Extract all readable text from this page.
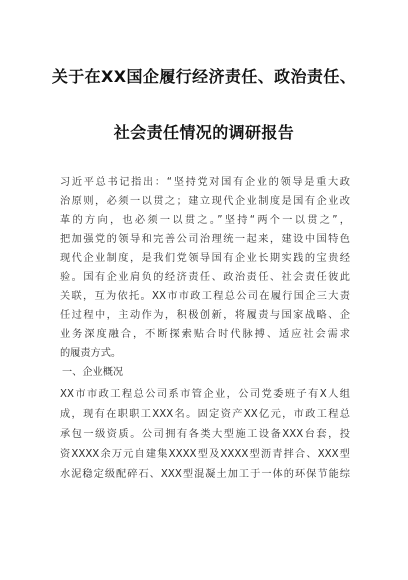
关于在XX国企履行经济责任、政治责任、
社会责任情况的调研报告
习近平总书记指出：“坚持党对国有企业的领导是重大政
治原则，必须一以贯之；建立现代企业制度是国有企业改
革的方向，也必须一以贯之。”坚持“两个一以贯之”，
把加强党的领导和完善公司治理统一起来，建设中国特色
现代企业制度，是我们党领导国有企业长期实践的宝贵经
验。国有企业肩负的经济责任、政治责任、社会责任彼此
关联，互为依托。XX市市政工程总公司在履行国企三大责
任过程中，主动作为，积极创新，将履责与国家战略、企
业务深度融合，不断探索贴合时代脉搏、适应社会需求
的履责方式。
一、企业概况
XX市市政工程总公司系市管企业，公司党委班子有X人组
成，现有在职职工XXX名。固定资产XX亿元，市政工程总
承包一级资质。公司拥有各类大型施工设备XXX台套，投
资XXXX余万元自建集XXXX型及XXXX型沥青拌合、XXX型
水泥稳定级配碎石、XXX型混凝土加工于一体的环保节能综
